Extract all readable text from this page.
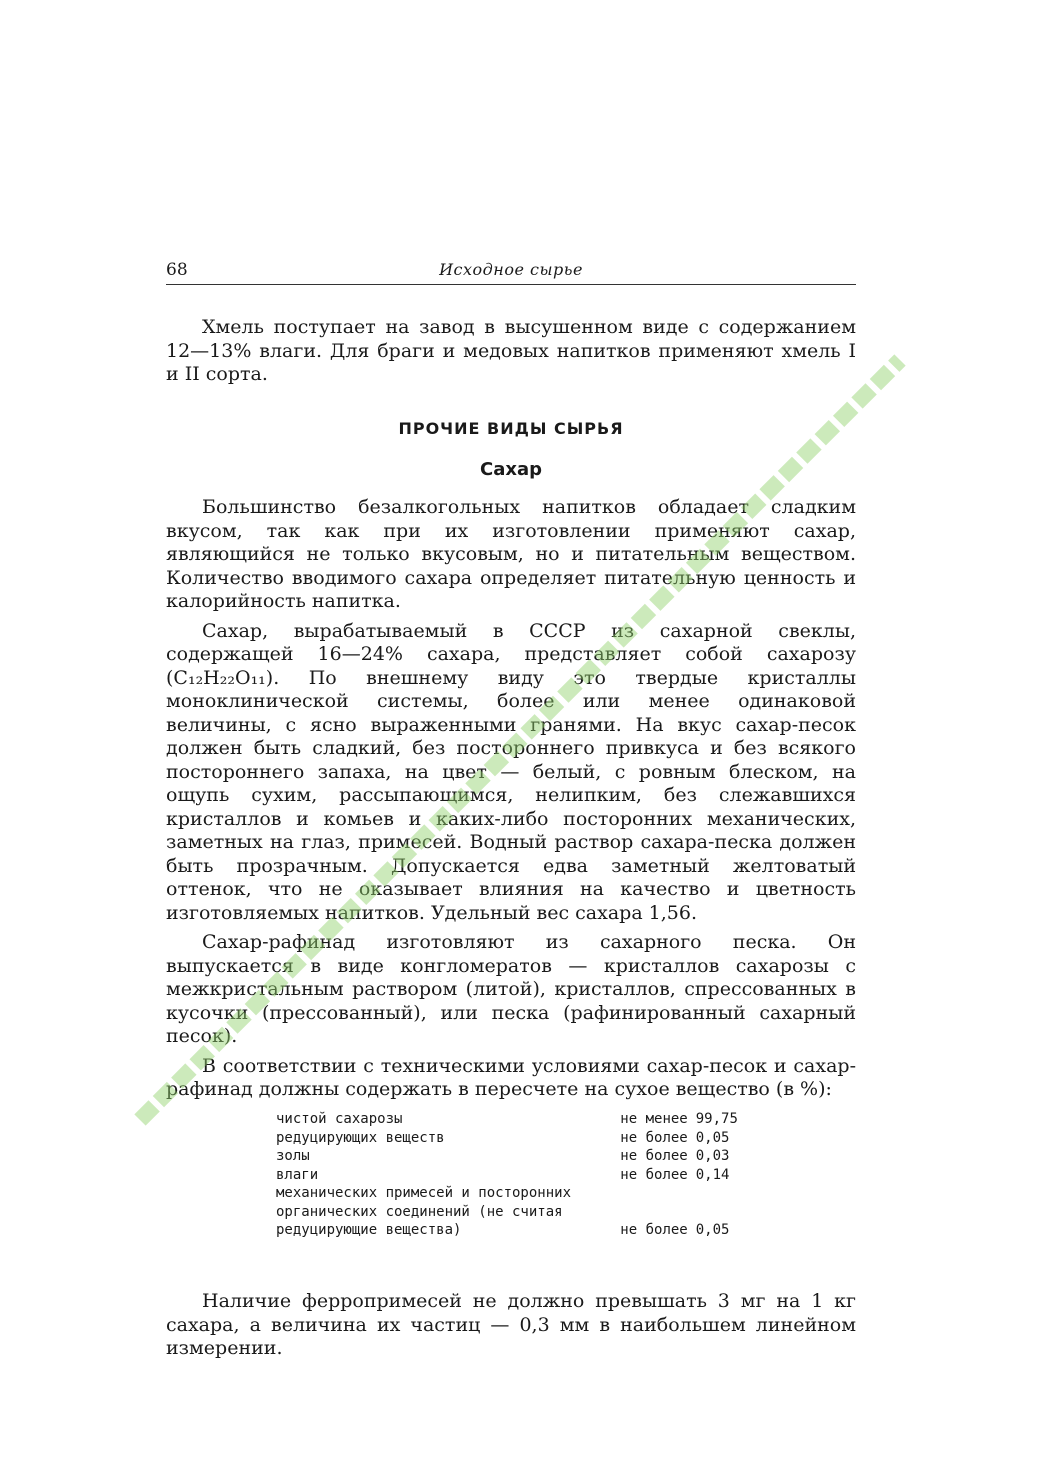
68	Исходное сырье

Хмель поступает на завод в высушенном виде с содержанием 12—13% влаги. Для браги и медовых напитков применяют хмель I и II сорта.

ПРОЧИЕ ВИДЫ СЫРЬЯ
Сахар

Большинство безалкогольных напитков обладает сладким вкусом, так как при их изготовлении применяют сахар, являющийся не только вкусовым, но и питательным веществом. Количество вводимого сахара определяет питательную ценность и калорийность напитка.

Сахар, вырабатываемый в СССР из сахарной свеклы, содержащей 16—24% сахара, представляет собой сахарозу (C₁₂H₂₂O₁₁). По внешнему виду это твердые кристаллы моноклинической системы, более или менее одинаковой величины, с ясно выраженными гранями. На вкус сахар-песок должен быть сладкий, без постороннего привкуса и без всякого постороннего запаха, на цвет — белый, с ровным блеском, на ощупь сухим, рассыпающимся, нелипким, без слежавшихся кристаллов и комьев и каких-либо посторонних механических, заметных на глаз, примесей. Водный раствор сахара-песка должен быть прозрачным. Допускается едва заметный желтоватый оттенок, что не оказывает влияния на качество и цветность изготовляемых напитков. Удельный вес сахара 1,56.

Сахар-рафинад изготовляют из сахарного песка. Он выпускается в виде конгломератов — кристаллов сахарозы с межкристальным раствором (литой), кристаллов, спрессованных в кусочки (прессованный), или песка (рафинированный сахарный песок).

В соответствии с техническими условиями сахар-песок и сахар-рафинад должны содержать в пересчете на сухое вещество (в %):

чистой сахарозы	не менее	99,75
редуцирующих веществ	не более	0,05
золы	не более	0,03
влаги	не более	0,14
механических примесей и посторонних органических соединений (не считая редуцирующие вещества)	не более	0,05

Наличие ферропримесей не должно превышать 3 мг на 1 кг сахара, а величина их частиц — 0,3 мм в наибольшем линейном измерении.
